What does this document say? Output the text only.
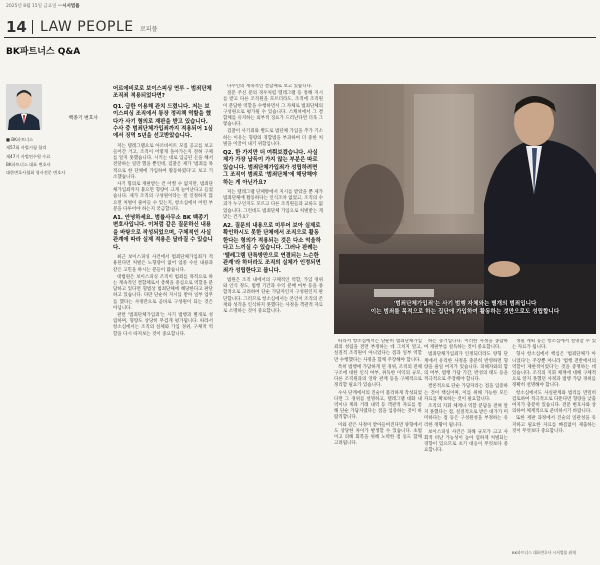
2025년 8월 15일 금요일 ㅡ시서법률
14 LAW PEOPLE 로피플
BK파트너스 Q&A
백종기 변호사
■ BK파트너스
제57회 사법시험 합격
제47기 사법연수원 수료
BK파트너스 대표 변호사
대한변호사협회 형사전문 변호사
어르에비로로 보이스피싱 연루 – 범죄단체조직죄 적용되었다면?
Q1. 급한 이용해 관치 드렸니다. 저는 보이스피싱 조직에서 통장 정리책 역할을 했다가 사기 혐의로 재판을 받고 있습니다. 수사 중 범죄단체가입죄까지 적용되어 1심에서 징역 5년을 선고받았습니다.

저는 텔레그램으로 아르바이트 모집 공고를 보고 들어간 거고, 조직이 어떻게 돌아가는지 전혀 구체를 알지 못했습니다. 시키는 대로 입금된 돈을 해서 전달하는 일만 했을 뿐인데, 검찰은 제가 '범죄를 목적으로 한 단체에 가입하여 활동하였다'고 보고 기소했습니다.

사기 혐의로 재판받는 건 어쩔 수 없지만, 범죄단체가입죄까지 붙으면 형량이 크게 늘어난다고 들었습니다. 제가 조직의 구성원이라는 걸 인정하지 않으면 처벌이 줄어들 수 있는지, 항소심에서 어떤 부분을 다투어야 하는지 궁금합니다.

A1. 안녕하세요. 범률사무소 BK 백종기 변호사입니다. 이처럼 같은 질문하신 내용을 바탕으로 작성되었으며, 구체적인 사실관계에 따라 실제 적용은 달라질 수 있습니다.

최근 보이스피싱 사건에서 범죄단체가입죄가 적용된다면 처벌은 노형량이 없어 엄중 수신 내용과 같은 고민을 하시는 분들이 많습니다.

대법원은 보이스피싱 조직이 범죄를 목적으로 하는 계속적인 결합체로서 총책을 중심으로 역할을 분담하고 있다면 형법상 범죄단체에 해당한다고 판단하고 있습니다. 다만 단순히 지시를 받아 일부 업무를 했다는 사정만으로 곧바로 구성원이 되는 것은 아닙니다.

관련 '범죄단체가입죄'는 사기 범행과 별개로 성립하며, 형량도 상당히 무겁게 평가됩니다. 따라서 항소심에서는 조직의 실체와 가입 경위, 구체적 역할을 다시 따져보는 것이 중요합니다.

다수인의 계속적인 결합체로 보고 있습니다.

질문 주신 분의 경우처럼 텔레그램 등 통해 지시를 받고 다른 조직원을 모르더라도, 조직에 조직원이 분담한 역할을 수행하면서 그 자체로 범죄단체의 구성원으로 평가될 수 있습니다. 스캐쳐에서 그 결합체를 유지하는 외부적 징표가 드러난다면 더욱 그렇습니다.

검찰이 사기죄와 별도로 범단체 가입을 추가 기소하는 이유는 형량의 경합범을 부과하여 더 중한 처벌을 이끌어 내기 위함입니다.

Q2. 한 가지만 더 여쭤보겠습니다. 사실 제가 가장 납득이 가지 않는 부분은 따로 있습니다. 범죄단체가입죄가 성립하려면 그 조직이 범죄로 '범죄단체'에 해당해야 하는 게 아닌가요?

저는 텔레그램 단체방에서 지시를 받았을 뿐 제가 범죄단체에 활동하다는 인식조차 없었고, 조직의 수괴가 누구인지도 모르고 다른 조직원들과 교류도 없었습니다. 그런데도 범죄단체 가입으로 처벌받는 게 맞는 건가요?

A2. 질문의 내용으로 미루어 보아 실제로 확인하시도 못한 단체에서 조직으로 활동한다는 형의가 적용되는 것은 다소 억울하다고 느끼실 수 있습니다. 그러나 판례는 '텔레그램 단톡방만으로 연결되는 느슨한 관계'라 하더라도 조직의 실체가 인정되면 죄가 성립한다고 봅니다.

법원은 조직 내에서의 구체적인 역할, 가입 경위와 인식 정도, 범행 기간과 수익 분배 여부 등을 종합적으로 고려하여 단순 가담자인지 구성원인지 판단합니다. 그러므로 항소심에서는 본인이 조직의 존재와 성격을 인식하지 못했다는 사정을 객관적 자료로 소명하는 것이 중요합니다.

'범죄단체가입죄'는 사기 범행 자체와는 별개의 범죄입니다
이는 범죄를 목적으로 하는 집단에 가입하여 활동하는 것만으로도 성립합니다

따라서 항소심에서는 단순히 범죄단체가입죄의 성립을 전면 부정하는 데 그치지 말고, 실질적 조직원이 아니었다는 점과 일부 역할만 수행했다는 사정을 함께 주장해야 합니다.

특히 범행에 가담하게 된 경위, 조직의 전체 구조에 대한 인식 여부, 취득한 이익의 규모, 다른 조직원과의 연락 관계 등을 구체적으로 정리할 필요가 있습니다.

수사 단계에서의 진술이 불리하게 작성되었다면 그 경위를 설명하고, 텔레그램 대화 내역이나 계좌 거래 내역 등 객관적 자료를 통해 단순 가담자였다는 점을 입증하는 것이 바람직합니다.

이와 같은 사정이 받아들여진다면 양형에서도 상당한 차이가 발생할 수 있습니다. 초범이고 피해 회복을 위해 노력한 점 등도 함께 고려됩니다.

하는 증거입니다. 이러한 사정을 종합하여 재판부를 설득하는 것이 중요합니다.

범죄단체가입죄가 인정되더라도 양형 단계에서 유리한 사정을 충분히 반영하면 형량을 줄일 여지가 있습니다. 피해자와의 합의 여부, 범행 가담 기간, 반성의 태도 등을 적극적으로 주장해야 합니다.

결론적으로 단순 가담자라는 점을 입증하는 것이 핵심이며, 이를 위해 가능한 모든 자료를 확보하는 것이 필요합니다.

조직의 지휘 체계나 역할 분담을 전혀 알지 못했다는 점, 실질적으로 받은 대가가 미미하다는 점 등은 구성원성을 부정하는 유리한 정황이 됩니다.

보이스피싱 사건은 피해 규모가 크고 사회적 비난 가능성이 높아 엄하게 처벌되는 경향이 있으므로 초기 대응이 무엇보다 중요합니다.

생될 계획 등은 항소심에서 설명할 수 있는 자료가 됩니다.

형사 항소심에서 핵심은 '범죄단체가 아니었다'는 주장뿐 아니라 '범행 전반에서의 역할이 제한적이었다'는 것을 증명하는 데 있습니다. 조직의 지휘 체계에 대해 구체적으로 알지 못했던 사정과 범행 가담 경위를 정확히 설명해야 합니다.

항소심에서도 사실관계와 법리를 면밀히 검토하여 적극적으로 다툰다면 형량을 낮출 여지가 충분히 있습니다. 전문 변호사와 상의하여 체계적으로 준비하시기 바랍니다.

또한 재판 과정에서 진술의 일관성을 유지하고 필요한 자료를 빠짐없이 제출하는 것이 무엇보다 중요합니다.

BK파트너스 대표변호사 시서법률 취재
